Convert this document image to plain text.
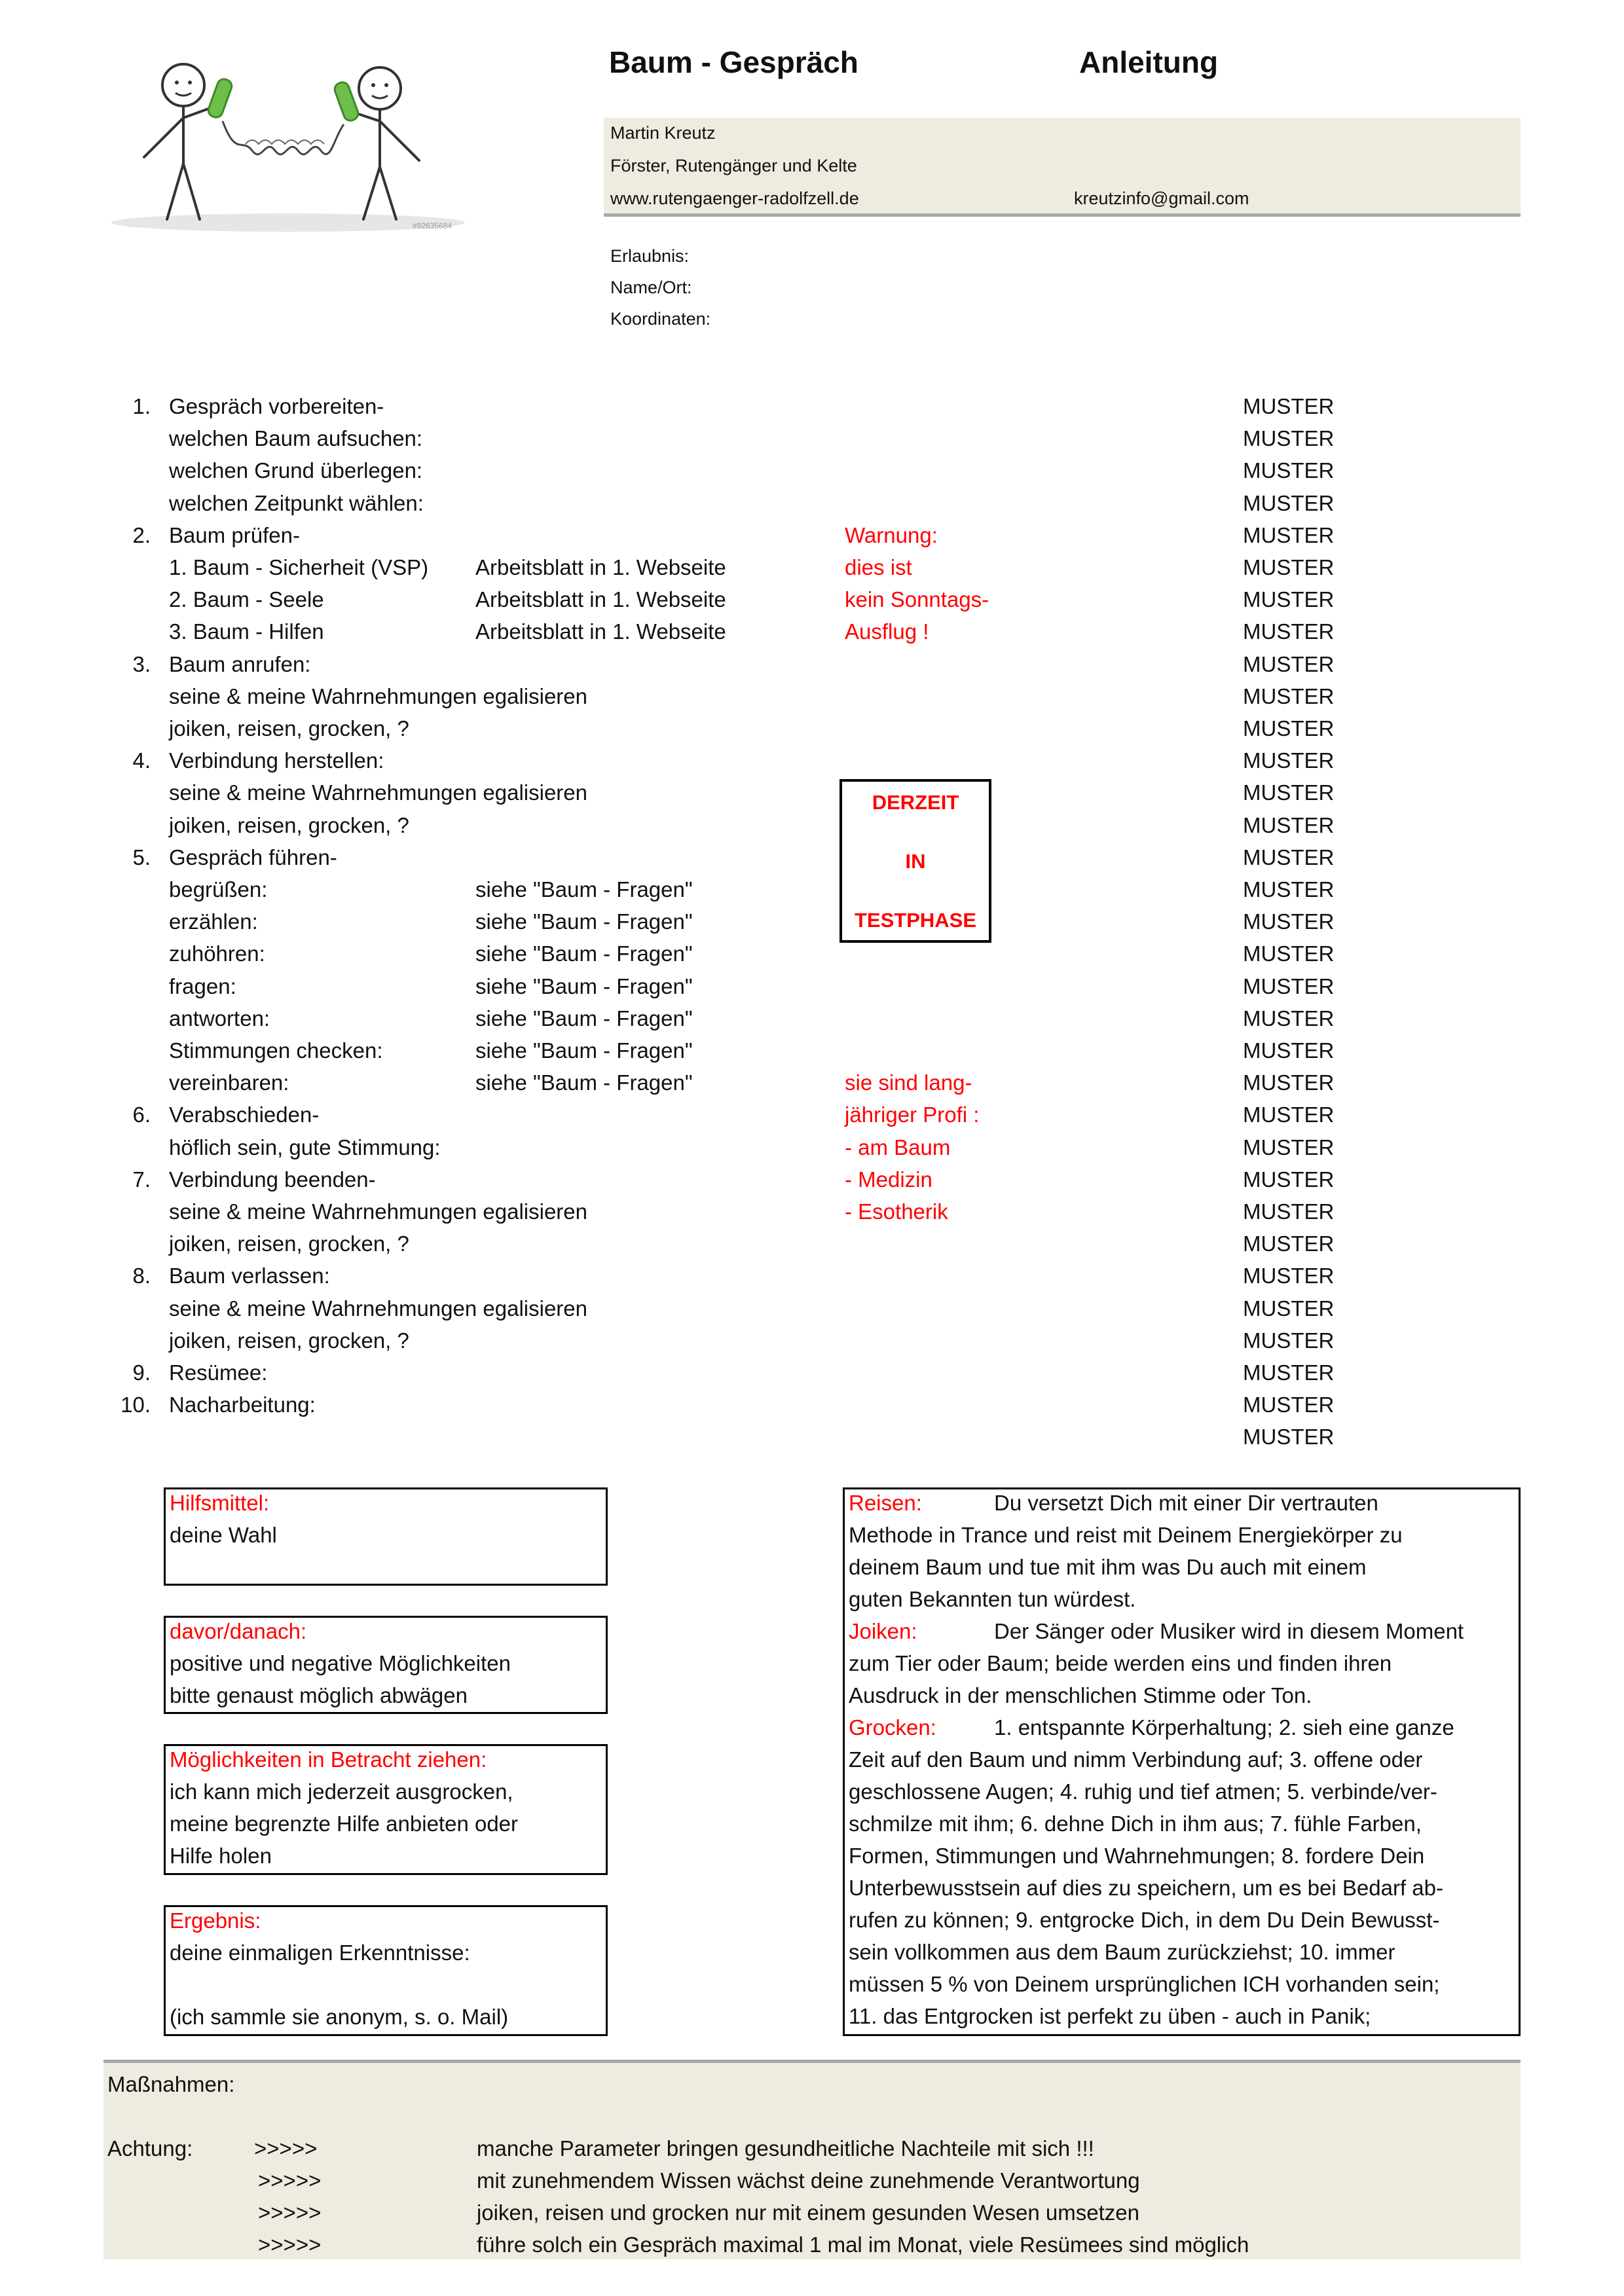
#92635684
Baum - Gespräch	Anleitung
Martin Kreutz
Förster, Rutengänger und Kelte
www.rutengaenger-radolfzell.de	kreutzinfo@gmail.com
Erlaubnis:
Name/Ort:
Koordinaten:
1. Gespräch vorbereiten-	MUSTER
welchen Baum aufsuchen:	MUSTER
welchen Grund überlegen:	MUSTER
welchen Zeitpunkt wählen:	MUSTER
2. Baum prüfen-	Warnung:	MUSTER
1. Baum - Sicherheit (VSP) Arbeitsblatt in 1. Webseite	dies ist	MUSTER
2. Baum - Seele	Arbeitsblatt in 1. Webseite	kein Sonntags-	MUSTER
3. Baum - Hilfen	Arbeitsblatt in 1. Webseite	Ausflug !	MUSTER
3. Baum anrufen:	MUSTER
seine & meine Wahrnehmungen egalisieren	MUSTER
joiken, reisen, grocken, ?	MUSTER
4. Verbindung herstellen:	MUSTER
seine & meine Wahrnehmungen egalisieren	MUSTER
joiken, reisen, grocken, ?	MUSTER
5. Gespräch führen-	MUSTER
begrüßen:	siehe "Baum - Fragen"	MUSTER
erzählen:	siehe "Baum - Fragen"	MUSTER
zuhöhren:	siehe "Baum - Fragen"	MUSTER
fragen:	siehe "Baum - Fragen"	MUSTER
antworten:	siehe "Baum - Fragen"	MUSTER
Stimmungen checken:	siehe "Baum - Fragen"	MUSTER
vereinbaren:	siehe "Baum - Fragen"	sie sind lang-	MUSTER
6. Verabschieden-	jähriger Profi :	MUSTER
höflich sein, gute Stimmung:	- am Baum	MUSTER
7. Verbindung beenden-	- Medizin	MUSTER
seine & meine Wahrnehmungen egalisieren	- Esotherik	MUSTER
joiken, reisen, grocken, ?	MUSTER
8. Baum verlassen:	MUSTER
seine & meine Wahrnehmungen egalisieren	MUSTER
joiken, reisen, grocken, ?	MUSTER
9. Resümee:	MUSTER
10. Nacharbeitung:	MUSTER
MUSTER
DERZEIT
IN
TESTPHASE
Hilfsmittel:
deine Wahl
davor/danach:
positive und negative Möglichkeiten
bitte genaust möglich abwägen
Möglichkeiten in Betracht ziehen:
ich kann mich jederzeit ausgrocken,
meine begrenzte Hilfe anbieten oder
Hilfe holen
Ergebnis:
deine einmaligen Erkenntnisse:
(ich sammle sie anonym, s. o. Mail)
Reisen:	Du versetzt Dich mit einer Dir vertrauten
Methode in Trance und reist mit Deinem Energiekörper zu
deinem Baum und tue mit ihm was Du auch mit einem
guten Bekannten tun würdest.
Joiken:	Der Sänger oder Musiker wird in diesem Moment
zum Tier oder Baum; beide werden eins und finden ihren
Ausdruck in der menschlichen Stimme oder Ton.
Grocken:	1. entspannte Körperhaltung; 2. sieh eine ganze
Zeit auf den Baum und nimm Verbindung auf; 3. offene oder
geschlossene Augen; 4. ruhig und tief atmen; 5. verbinde/ver-
schmilze mit ihm; 6. dehne Dich in ihm aus; 7. fühle Farben,
Formen, Stimmungen und Wahrnehmungen; 8. fordere Dein
Unterbewusstsein auf dies zu speichern, um es bei Bedarf ab-
rufen zu können; 9. entgrocke Dich, in dem Du Dein Bewusst-
sein vollkommen aus dem Baum zurückziehst; 10. immer
müssen 5 % von Deinem ursprünglichen ICH vorhanden sein;
11. das Entgrocken ist perfekt zu üben - auch in Panik;
Maßnahmen:
Achtung:	>>>>>	manche Parameter bringen gesundheitliche Nachteile mit sich !!!
>>>>>	mit zunehmendem Wissen wächst deine zunehmende Verantwortung
>>>>>	joiken, reisen und grocken nur mit einem gesunden Wesen umsetzen
>>>>>	führe solch ein Gespräch maximal 1 mal im Monat, viele Resümees sind möglich
